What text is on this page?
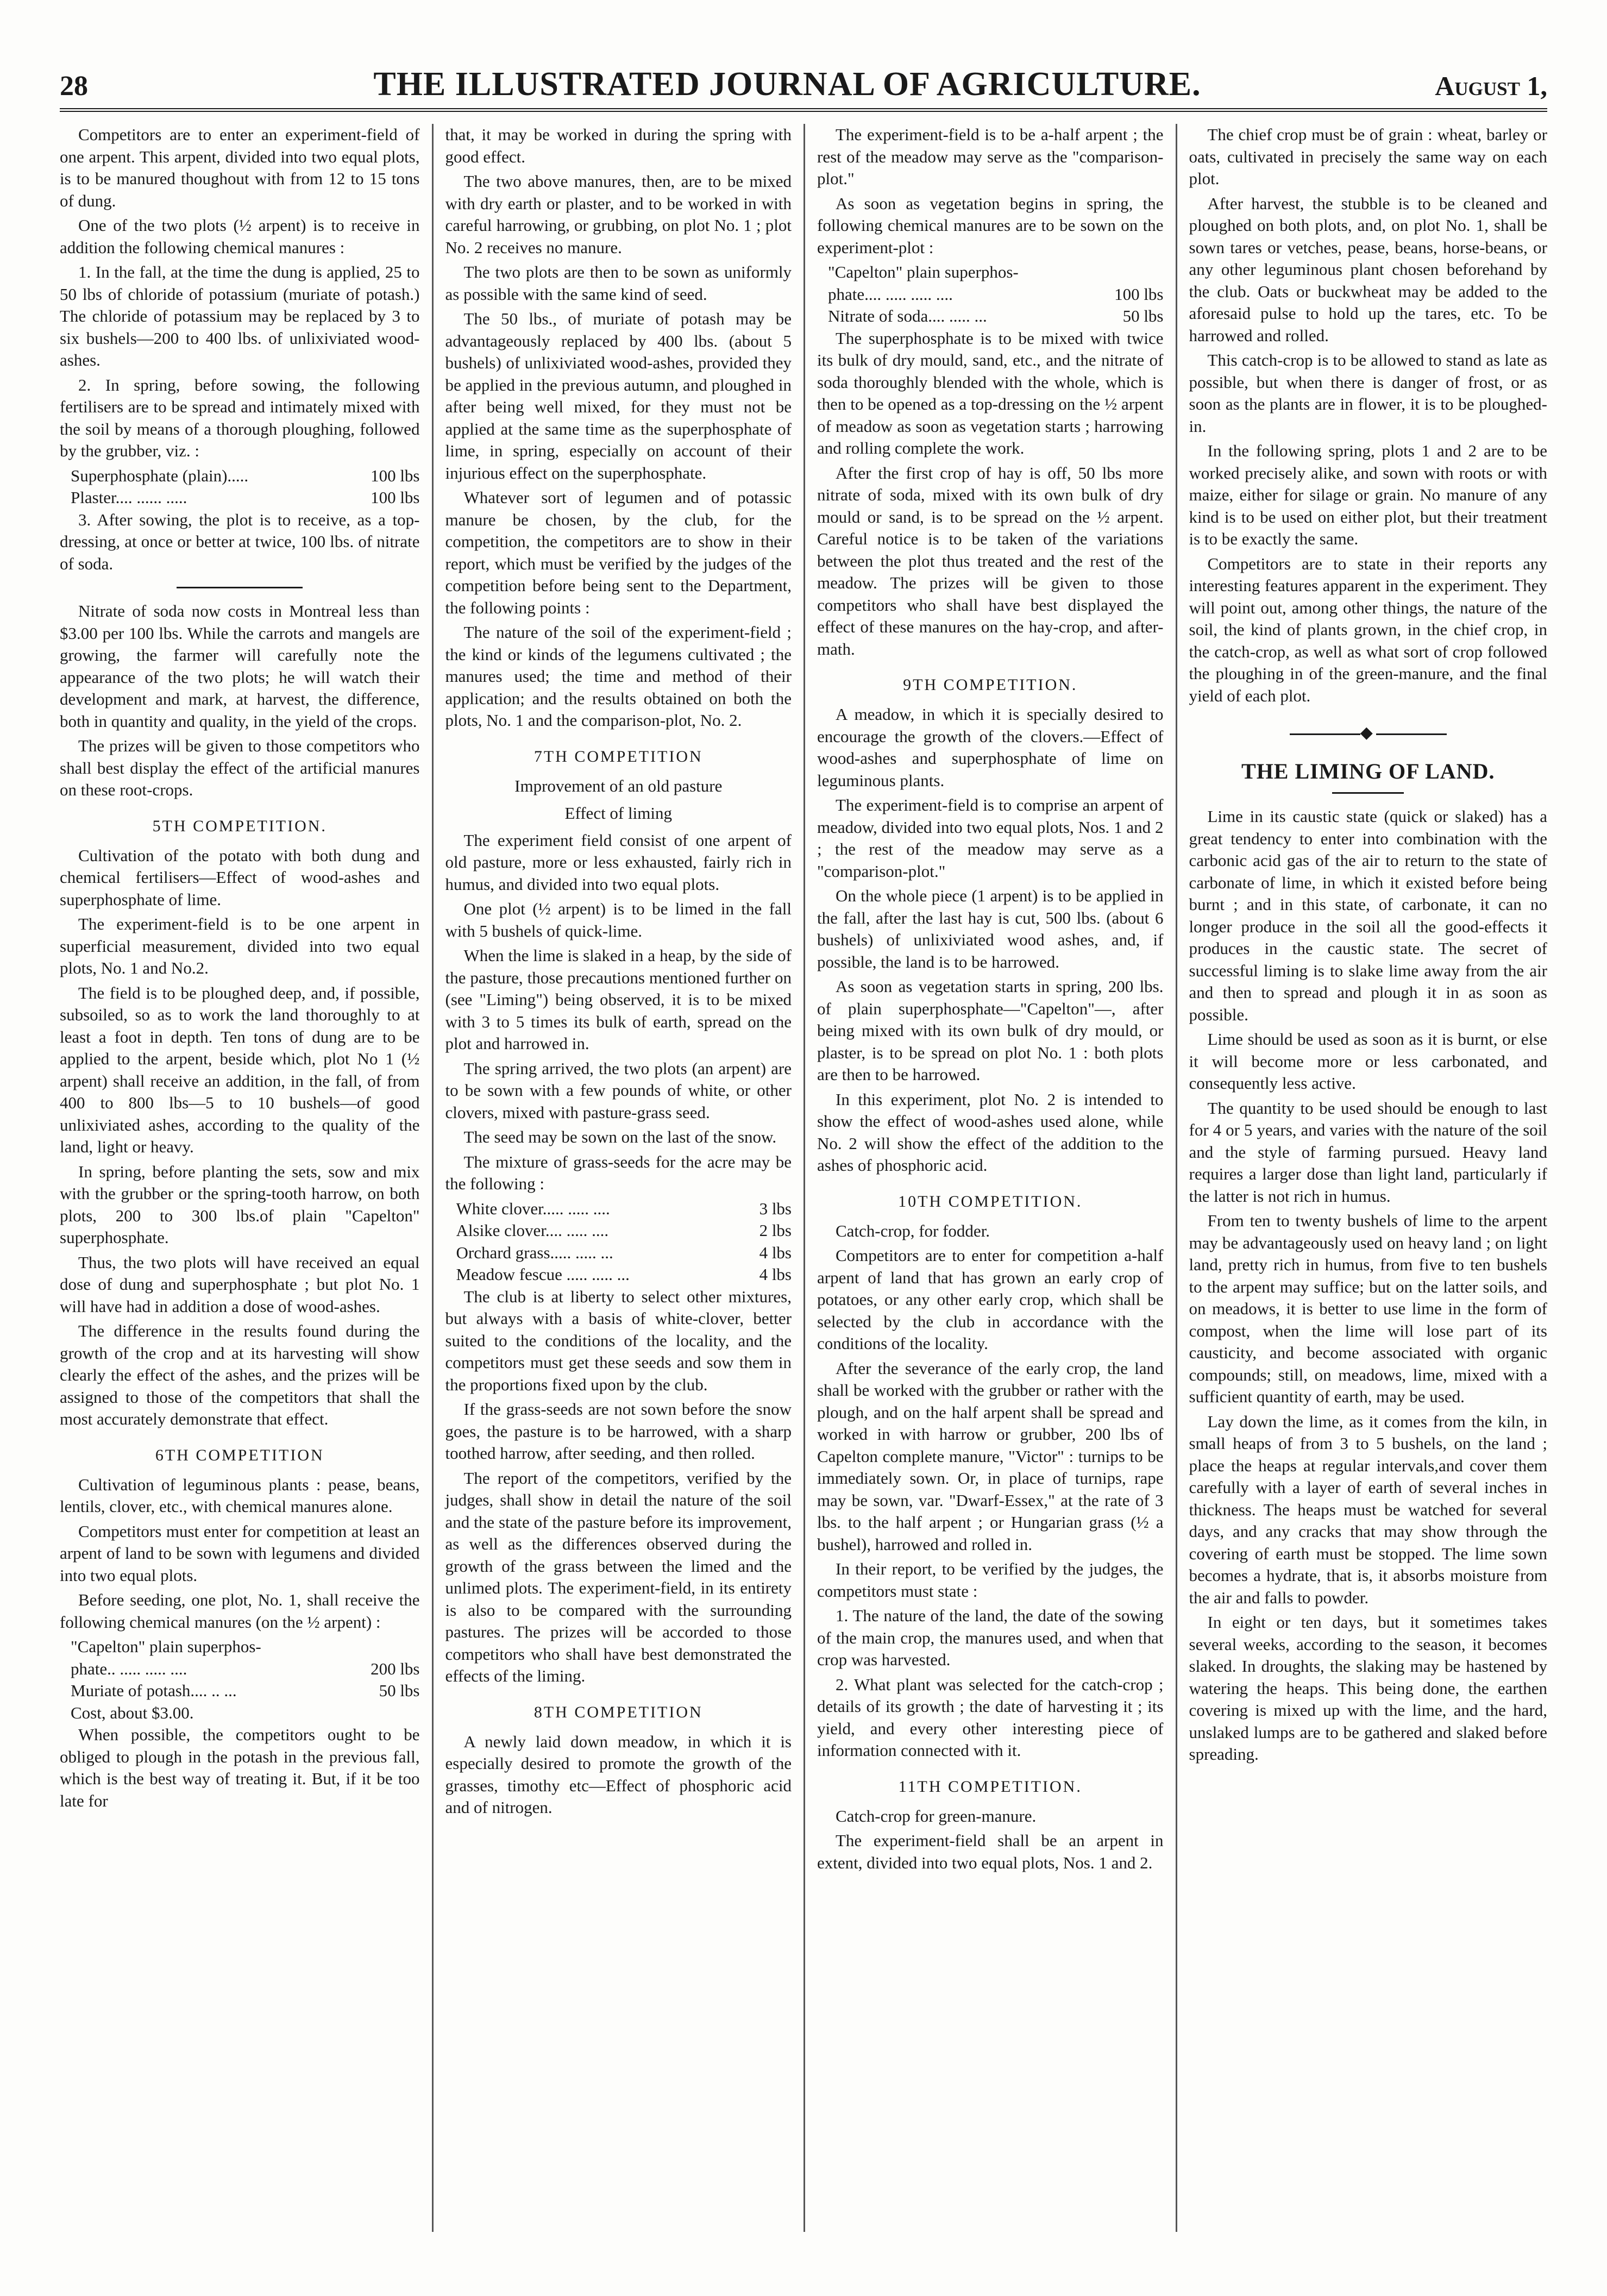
28	THE ILLUSTRATED JOURNAL OF AGRICULTURE.	August 1,

Competitors are to enter an experiment-field of one arpent. This arpent, divided into two equal plots, is to be manured thoughout with from 12 to 15 tons of dung.

One of the two plots (½ arpent) is to receive in addition the following chemical manures :

1. In the fall, at the time the dung is applied, 25 to 50 lbs of chloride of potassium (muriate of potash.) The chloride of potassium may be replaced by 3 to six bushels—200 to 400 lbs. of unlixiviated wood-ashes.

2. In spring, before sowing, the following fertilisers are to be spread and intimately mixed with the soil by means of a thorough ploughing, followed by the grubber, viz. :

Superphosphate (plain).....	100 lbs
Plaster.... ...... .....	100 lbs

3. After sowing, the plot is to receive, as a top-dressing, at once or better at twice, 100 lbs. of nitrate of soda.

Nitrate of soda now costs in Montreal less than $3.00 per 100 lbs. While the carrots and mangels are growing, the farmer will carefully note the appearance of the two plots; he will watch their development and mark, at harvest, the difference, both in quantity and quality, in the yield of the crops.

The prizes will be given to those competitors who shall best display the effect of the artificial manures on these root-crops.

5TH COMPETITION.

Cultivation of the potato with both dung and chemical fertilisers—Effect of wood-ashes and superphosphate of lime.

The experiment-field is to be one arpent in superficial measurement, divided into two equal plots, No. 1 and No.2.

The field is to be ploughed deep, and, if possible, subsoiled, so as to work the land thoroughly to at least a foot in depth. Ten tons of dung are to be applied to the arpent, beside which, plot No 1 (½ arpent) shall receive an addition, in the fall, of from 400 to 800 lbs—5 to 10 bushels—of good unlixiviated ashes, according to the quality of the land, light or heavy.

In spring, before planting the sets, sow and mix with the grubber or the spring-tooth harrow, on both plots, 200 to 300 lbs.of plain "Capelton" superphosphate.

Thus, the two plots will have received an equal dose of dung and superphosphate ; but plot No. 1 will have had in addition a dose of wood-ashes.

The difference in the results found during the growth of the crop and at its harvesting will show clearly the effect of the ashes, and the prizes will be assigned to those of the competitors that shall the most accurately demonstrate that effect.

6TH COMPETITION

Cultivation of leguminous plants : pease, beans, lentils, clover, etc., with chemical manures alone.

Competitors must enter for competition at least an arpent of land to be sown with legumens and divided into two equal plots.

Before seeding, one plot, No. 1, shall receive the following chemical manures (on the ½ arpent) :

"Capelton" plain superphos-
phate.. ..... ..... ....	200 lbs
Muriate of potash.... .. ...	50 lbs
Cost, about $3.00.

When possible, the competitors ought to be obliged to plough in the potash in the previous fall, which is the best way of treating it. But, if it be too late for

that, it may be worked in during the spring with good effect.

The two above manures, then, are to be mixed with dry earth or plaster, and to be worked in with careful harrowing, or grubbing, on plot No. 1 ; plot No. 2 receives no manure.

The two plots are then to be sown as uniformly as possible with the same kind of seed.

The 50 lbs., of muriate of potash may be advantageously replaced by 400 lbs. (about 5 bushels) of unlixiviated wood-ashes, provided they be applied in the previous autumn, and ploughed in after being well mixed, for they must not be applied at the same time as the superphosphate of lime, in spring, especially on account of their injurious effect on the superphosphate.

Whatever sort of legumen and of potassic manure be chosen, by the club, for the competition, the competitors are to show in their report, which must be verified by the judges of the competition before being sent to the Department, the following points :

The nature of the soil of the experiment-field ; the kind or kinds of the legumens cultivated ; the manures used; the time and method of their application; and the results obtained on both the plots, No. 1 and the comparison-plot, No. 2.

7TH COMPETITION
Improvement of an old pasture
Effect of liming

The experiment field consist of one arpent of old pasture, more or less exhausted, fairly rich in humus, and divided into two equal plots.

One plot (½ arpent) is to be limed in the fall with 5 bushels of quick-lime.

When the lime is slaked in a heap, by the side of the pasture, those precautions mentioned further on (see "Liming") being observed, it is to be mixed with 3 to 5 times its bulk of earth, spread on the plot and harrowed in.

The spring arrived, the two plots (an arpent) are to be sown with a few pounds of white, or other clovers, mixed with pasture-grass seed.

The seed may be sown on the last of the snow.

The mixture of grass-seeds for the acre may be the following :

White clover..... ..... ....	3 lbs
Alsike clover.... ..... ....	2 lbs
Orchard grass..... ..... ...	4 lbs
Meadow fescue ..... ..... ...	4 lbs

The club is at liberty to select other mixtures, but always with a basis of white-clover, better suited to the conditions of the locality, and the competitors must get these seeds and sow them in the proportions fixed upon by the club.

If the grass-seeds are not sown before the snow goes, the pasture is to be harrowed, with a sharp toothed harrow, after seeding, and then rolled.

The report of the competitors, verified by the judges, shall show in detail the nature of the soil and the state of the pasture before its improvement, as well as the differences observed during the growth of the grass between the limed and the unlimed plots. The experiment-field, in its entirety is also to be compared with the surrounding pastures. The prizes will be accorded to those competitors who shall have best demonstrated the effects of the liming.

8TH COMPETITION

A newly laid down meadow, in which it is especially desired to promote the growth of the grasses, timothy etc—Effect of phosphoric acid and of nitrogen.

The experiment-field is to be a-half arpent ; the rest of the meadow may serve as the "comparison-plot."

As soon as vegetation begins in spring, the following chemical manures are to be sown on the experiment-plot :

"Capelton" plain superphos-
phate.... ..... ..... ....	100 lbs
Nitrate of soda.... ..... ...	50 lbs

The superphosphate is to be mixed with twice its bulk of dry mould, sand, etc., and the nitrate of soda thoroughly blended with the whole, which is then to be opened as a top-dressing on the ½ arpent of meadow as soon as vegetation starts ; harrowing and rolling complete the work.

After the first crop of hay is off, 50 lbs more nitrate of soda, mixed with its own bulk of dry mould or sand, is to be spread on the ½ arpent. Careful notice is to be taken of the variations between the plot thus treated and the rest of the meadow. The prizes will be given to those competitors who shall have best displayed the effect of these manures on the hay-crop, and after-math.

9TH COMPETITION.

A meadow, in which it is specially desired to encourage the growth of the clovers.—Effect of wood-ashes and superphosphate of lime on leguminous plants.

The experiment-field is to comprise an arpent of meadow, divided into two equal plots, Nos. 1 and 2 ; the rest of the meadow may serve as a "comparison-plot."

On the whole piece (1 arpent) is to be applied in the fall, after the last hay is cut, 500 lbs. (about 6 bushels) of unlixiviated wood ashes, and, if possible, the land is to be harrowed.

As soon as vegetation starts in spring, 200 lbs. of plain superphosphate—"Capelton"—, after being mixed with its own bulk of dry mould, or plaster, is to be spread on plot No. 1 : both plots are then to be harrowed.

In this experiment, plot No. 2 is intended to show the effect of wood-ashes used alone, while No. 2 will show the effect of the addition to the ashes of phosphoric acid.

10TH COMPETITION.

Catch-crop, for fodder.

Competitors are to enter for competition a-half arpent of land that has grown an early crop of potatoes, or any other early crop, which shall be selected by the club in accordance with the conditions of the locality.

After the severance of the early crop, the land shall be worked with the grubber or rather with the plough, and on the half arpent shall be spread and worked in with harrow or grubber, 200 lbs of Capelton complete manure, "Victor" : turnips to be immediately sown. Or, in place of turnips, rape may be sown, var. "Dwarf-Essex," at the rate of 3 lbs. to the half arpent ; or Hungarian grass (½ a bushel), harrowed and rolled in.

In their report, to be verified by the judges, the competitors must state :

1. The nature of the land, the date of the sowing of the main crop, the manures used, and when that crop was harvested.

2. What plant was selected for the catch-crop ; details of its growth ; the date of harvesting it ; its yield, and every other interesting piece of information connected with it.

11TH COMPETITION.

Catch-crop for green-manure.

The experiment-field shall be an arpent in extent, divided into two equal plots, Nos. 1 and 2.

The chief crop must be of grain : wheat, barley or oats, cultivated in precisely the same way on each plot.

After harvest, the stubble is to be cleaned and ploughed on both plots, and, on plot No. 1, shall be sown tares or vetches, pease, beans, horse-beans, or any other leguminous plant chosen beforehand by the club. Oats or buckwheat may be added to the aforesaid pulse to hold up the tares, etc. To be harrowed and rolled.

This catch-crop is to be allowed to stand as late as possible, but when there is danger of frost, or as soon as the plants are in flower, it is to be ploughed-in.

In the following spring, plots 1 and 2 are to be worked precisely alike, and sown with roots or with maize, either for silage or grain. No manure of any kind is to be used on either plot, but their treatment is to be exactly the same.

Competitors are to state in their reports any interesting features apparent in the experiment. They will point out, among other things, the nature of the soil, the kind of plants grown, in the chief crop, in the catch-crop, as well as what sort of crop followed the ploughing in of the green-manure, and the final yield of each plot.

◆
THE LIMING OF LAND.

Lime in its caustic state (quick or slaked) has a great tendency to enter into combination with the carbonic acid gas of the air to return to the state of carbonate of lime, in which it existed before being burnt ; and in this state, of carbonate, it can no longer produce in the soil all the good-effects it produces in the caustic state. The secret of successful liming is to slake lime away from the air and then to spread and plough it in as soon as possible.

Lime should be used as soon as it is burnt, or else it will become more or less carbonated, and consequently less active.

The quantity to be used should be enough to last for 4 or 5 years, and varies with the nature of the soil and the style of farming pursued. Heavy land requires a larger dose than light land, particularly if the latter is not rich in humus.

From ten to twenty bushels of lime to the arpent may be advantageously used on heavy land ; on light land, pretty rich in humus, from five to ten bushels to the arpent may suffice; but on the latter soils, and on meadows, it is better to use lime in the form of compost, when the lime will lose part of its causticity, and become associated with organic compounds; still, on meadows, lime, mixed with a sufficient quantity of earth, may be used.

Lay down the lime, as it comes from the kiln, in small heaps of from 3 to 5 bushels, on the land ; place the heaps at regular intervals,and cover them carefully with a layer of earth of several inches in thickness. The heaps must be watched for several days, and any cracks that may show through the covering of earth must be stopped. The lime sown becomes a hydrate, that is, it absorbs moisture from the air and falls to powder.

In eight or ten days, but it sometimes takes several weeks, according to the season, it becomes slaked. In droughts, the slaking may be hastened by watering the heaps. This being done, the earthen covering is mixed up with the lime, and the hard, unslaked lumps are to be gathered and slaked before spreading.
